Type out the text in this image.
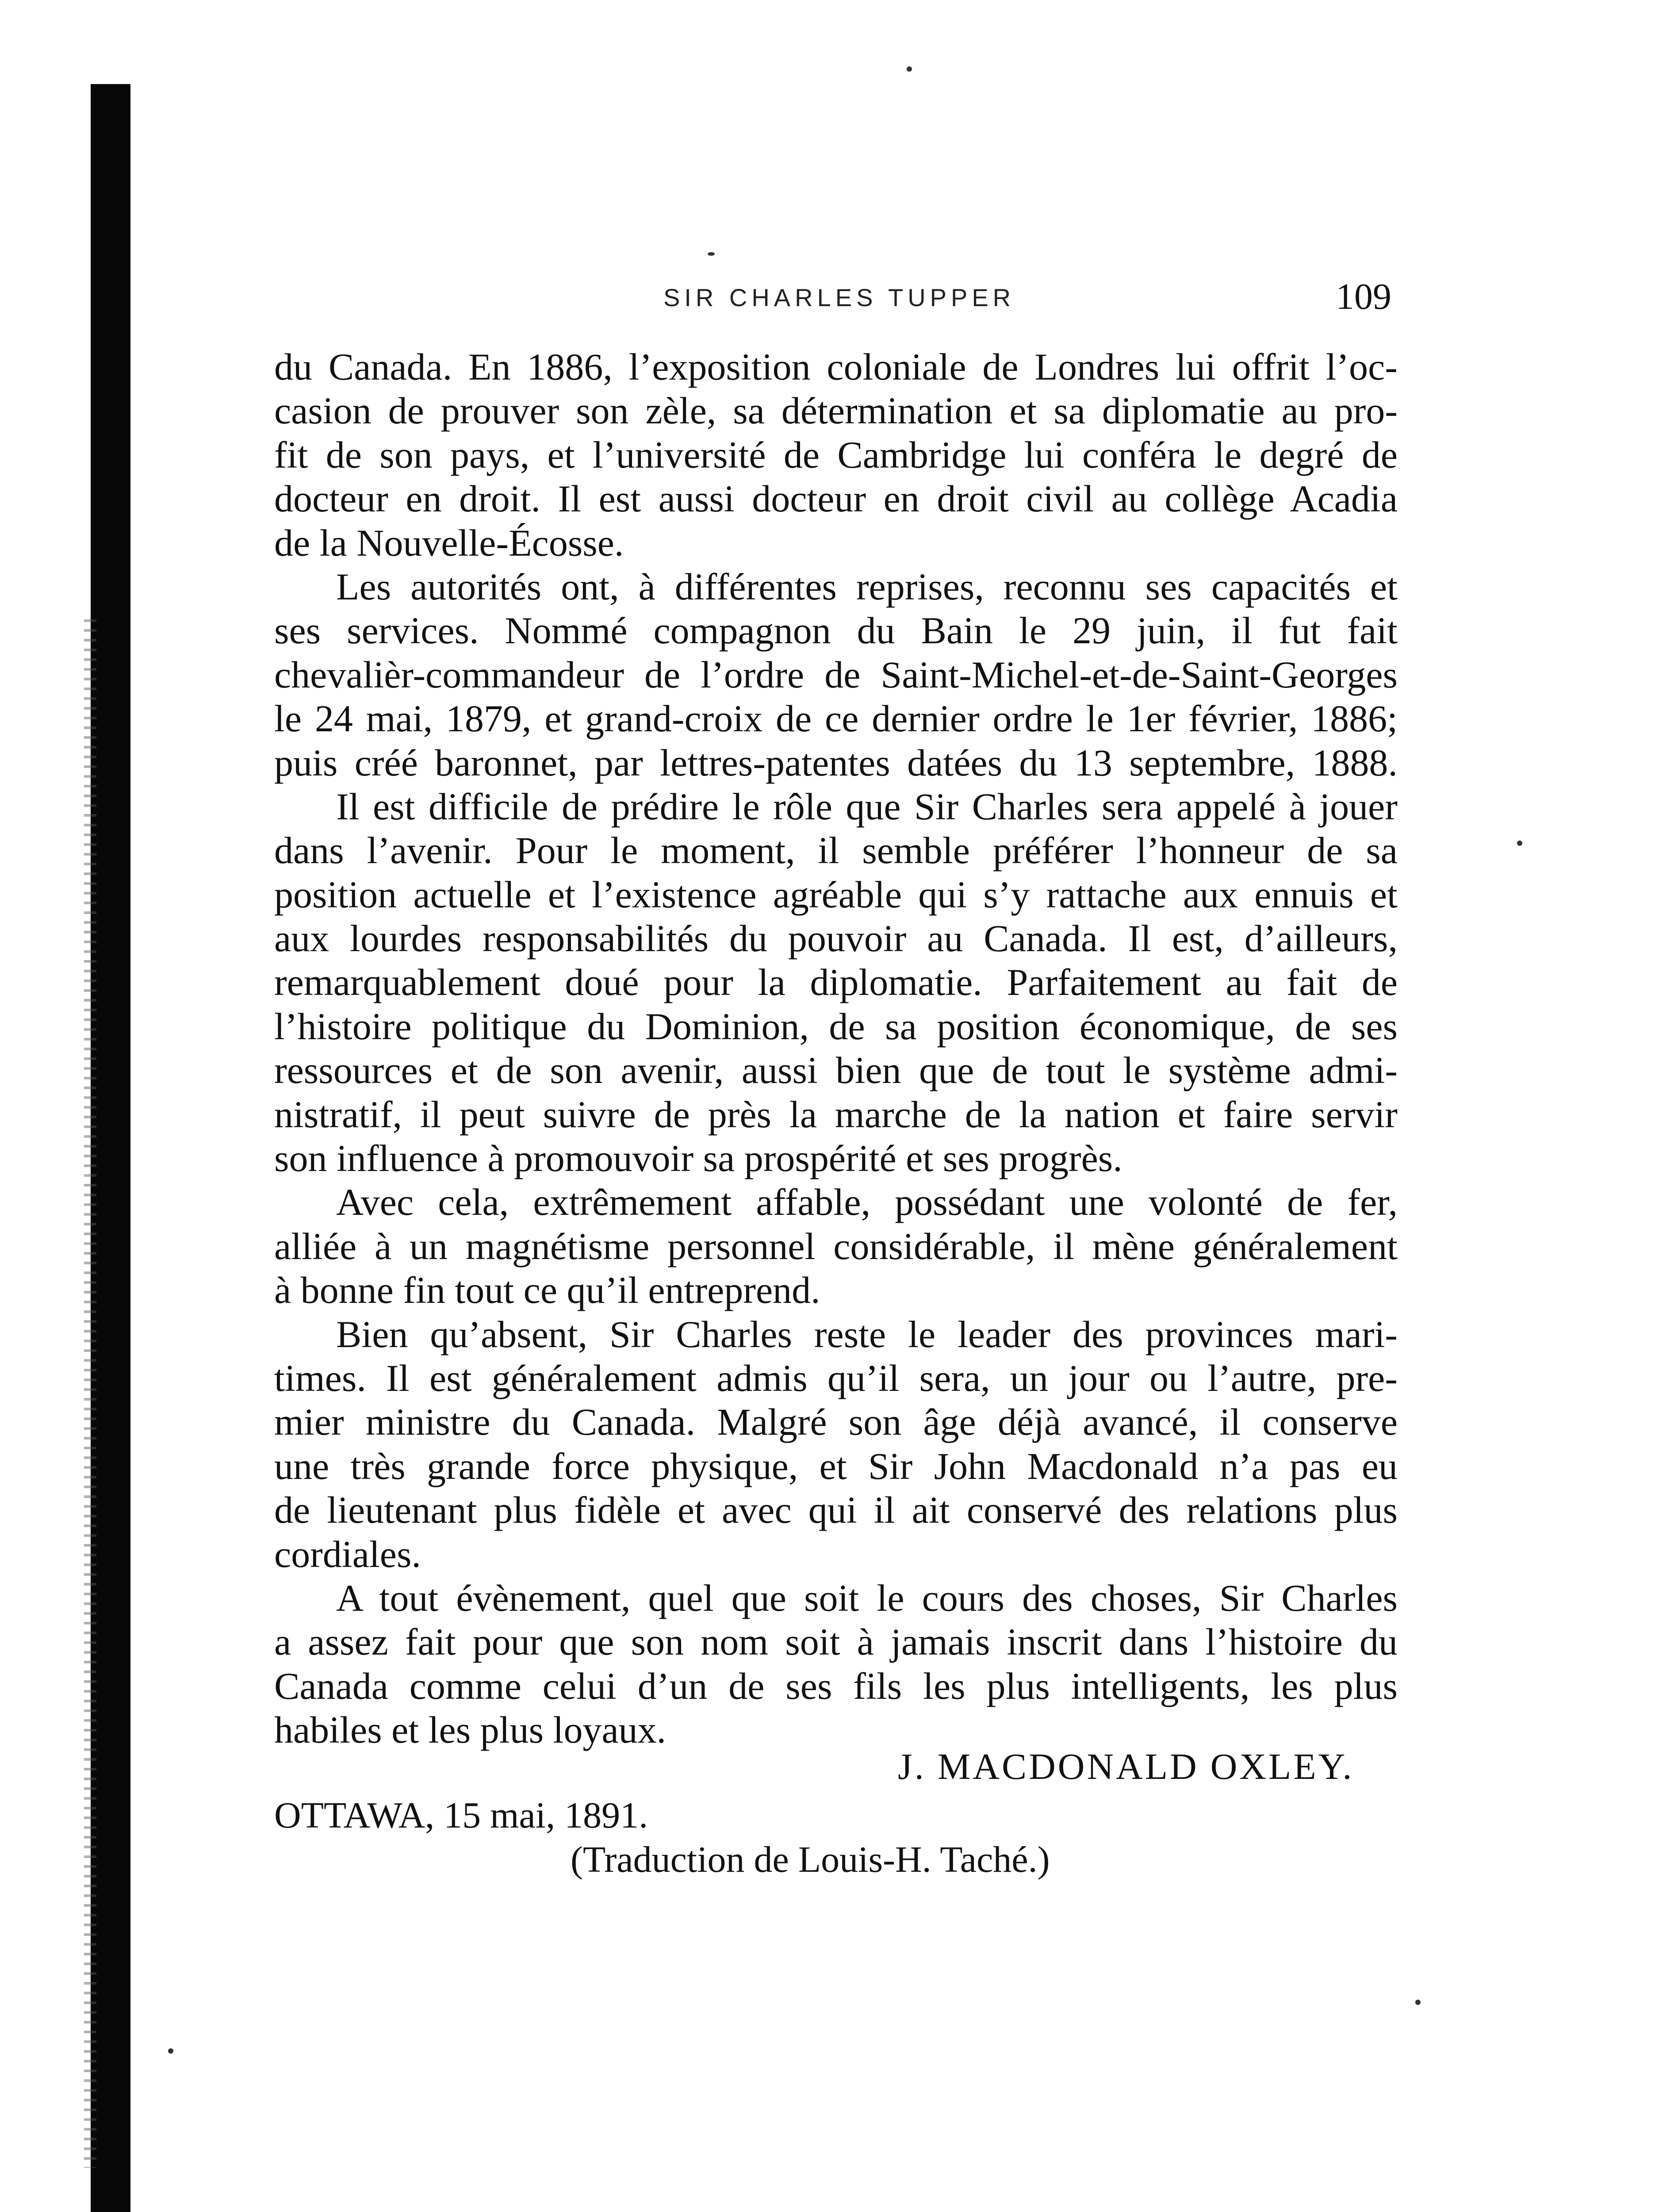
SIR CHARLES TUPPER	109
du Canada. En 1886, l’exposition coloniale de Londres lui offrit l’oc-
casion de prouver son zèle, sa détermination et sa diplomatie au pro-
fit de son pays, et l’université de Cambridge lui conféra le degré de
docteur en droit. Il est aussi docteur en droit civil au collège Acadia
de la Nouvelle-Écosse.
Les autorités ont, à différentes reprises, reconnu ses capacités et
ses services. Nommé compagnon du Bain le 29 juin, il fut fait
chevalièr-commandeur de l’ordre de Saint-Michel-et-de-Saint-Georges
le 24 mai, 1879, et grand-croix de ce dernier ordre le 1er février, 1886;
puis créé baronnet, par lettres-patentes datées du 13 septembre, 1888.
Il est difficile de prédire le rôle que Sir Charles sera appelé à jouer
dans l’avenir. Pour le moment, il semble préférer l’honneur de sa
position actuelle et l’existence agréable qui s’y rattache aux ennuis et
aux lourdes responsabilités du pouvoir au Canada. Il est, d’ailleurs,
remarquablement doué pour la diplomatie. Parfaitement au fait de
l’histoire politique du Dominion, de sa position économique, de ses
ressources et de son avenir, aussi bien que de tout le système admi-
nistratif, il peut suivre de près la marche de la nation et faire servir
son influence à promouvoir sa prospérité et ses progrès.
Avec cela, extrêmement affable, possédant une volonté de fer,
alliée à un magnétisme personnel considérable, il mène généralement
à bonne fin tout ce qu’il entreprend.
Bien qu’absent, Sir Charles reste le leader des provinces mari-
times. Il est généralement admis qu’il sera, un jour ou l’autre, pre-
mier ministre du Canada. Malgré son âge déjà avancé, il conserve
une très grande force physique, et Sir John Macdonald n’a pas eu
de lieutenant plus fidèle et avec qui il ait conservé des relations plus
cordiales.
A tout évènement, quel que soit le cours des choses, Sir Charles
a assez fait pour que son nom soit à jamais inscrit dans l’histoire du
Canada comme celui d’un de ses fils les plus intelligents, les plus
habiles et les plus loyaux.
J. MACDONALD OXLEY.
OTTAWA, 15 mai, 1891.
(Traduction de Louis-H. Taché.)
